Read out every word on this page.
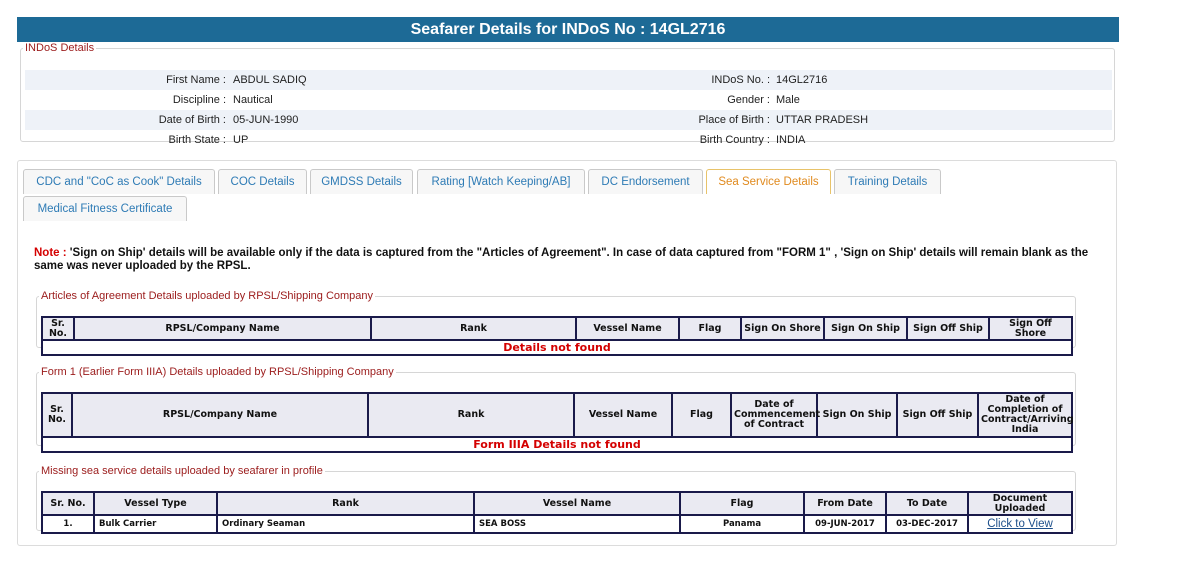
Seafarer Details for INDoS No : 14GL2716
INDoS Details
First Name : ABDUL SADIQ	INDoS No. : 14GL2716
Discipline : Nautical	Gender : Male
Date of Birth : 05-JUN-1990	Place of Birth : UTTAR PRADESH
Birth State : UP	Birth Country : INDIA
CDC and "CoC as Cook" Details	COC Details	GMDSS Details	Rating [Watch Keeping/AB]	DC Endorsement	Sea Service Details	Training Details
Medical Fitness Certificate
Note : 'Sign on Ship' details will be available only if the data is captured from the "Articles of Agreement". In case of data captured from "FORM 1" , 'Sign on Ship' details will remain blank as the same was never uploaded by the RPSL.
Articles of Agreement Details uploaded by RPSL/Shipping Company
Sr. No.	RPSL/Company Name	Rank	Vessel Name	Flag	Sign On Shore	Sign On Ship	Sign Off Ship	Sign Off Shore
Details not found
Form 1 (Earlier Form IIIA) Details uploaded by RPSL/Shipping Company
Sr. No.	RPSL/Company Name	Rank	Vessel Name	Flag	Date of Commencement of Contract	Sign On Ship	Sign Off Ship	Date of Completion of Contract/Arriving India
Form IIIA Details not found
Missing sea service details uploaded by seafarer in profile
Sr. No.	Vessel Type	Rank	Vessel Name	Flag	From Date	To Date	Document Uploaded
1.	Bulk Carrier	Ordinary Seaman	SEA BOSS	Panama	09-JUN-2017	03-DEC-2017	Click to View
